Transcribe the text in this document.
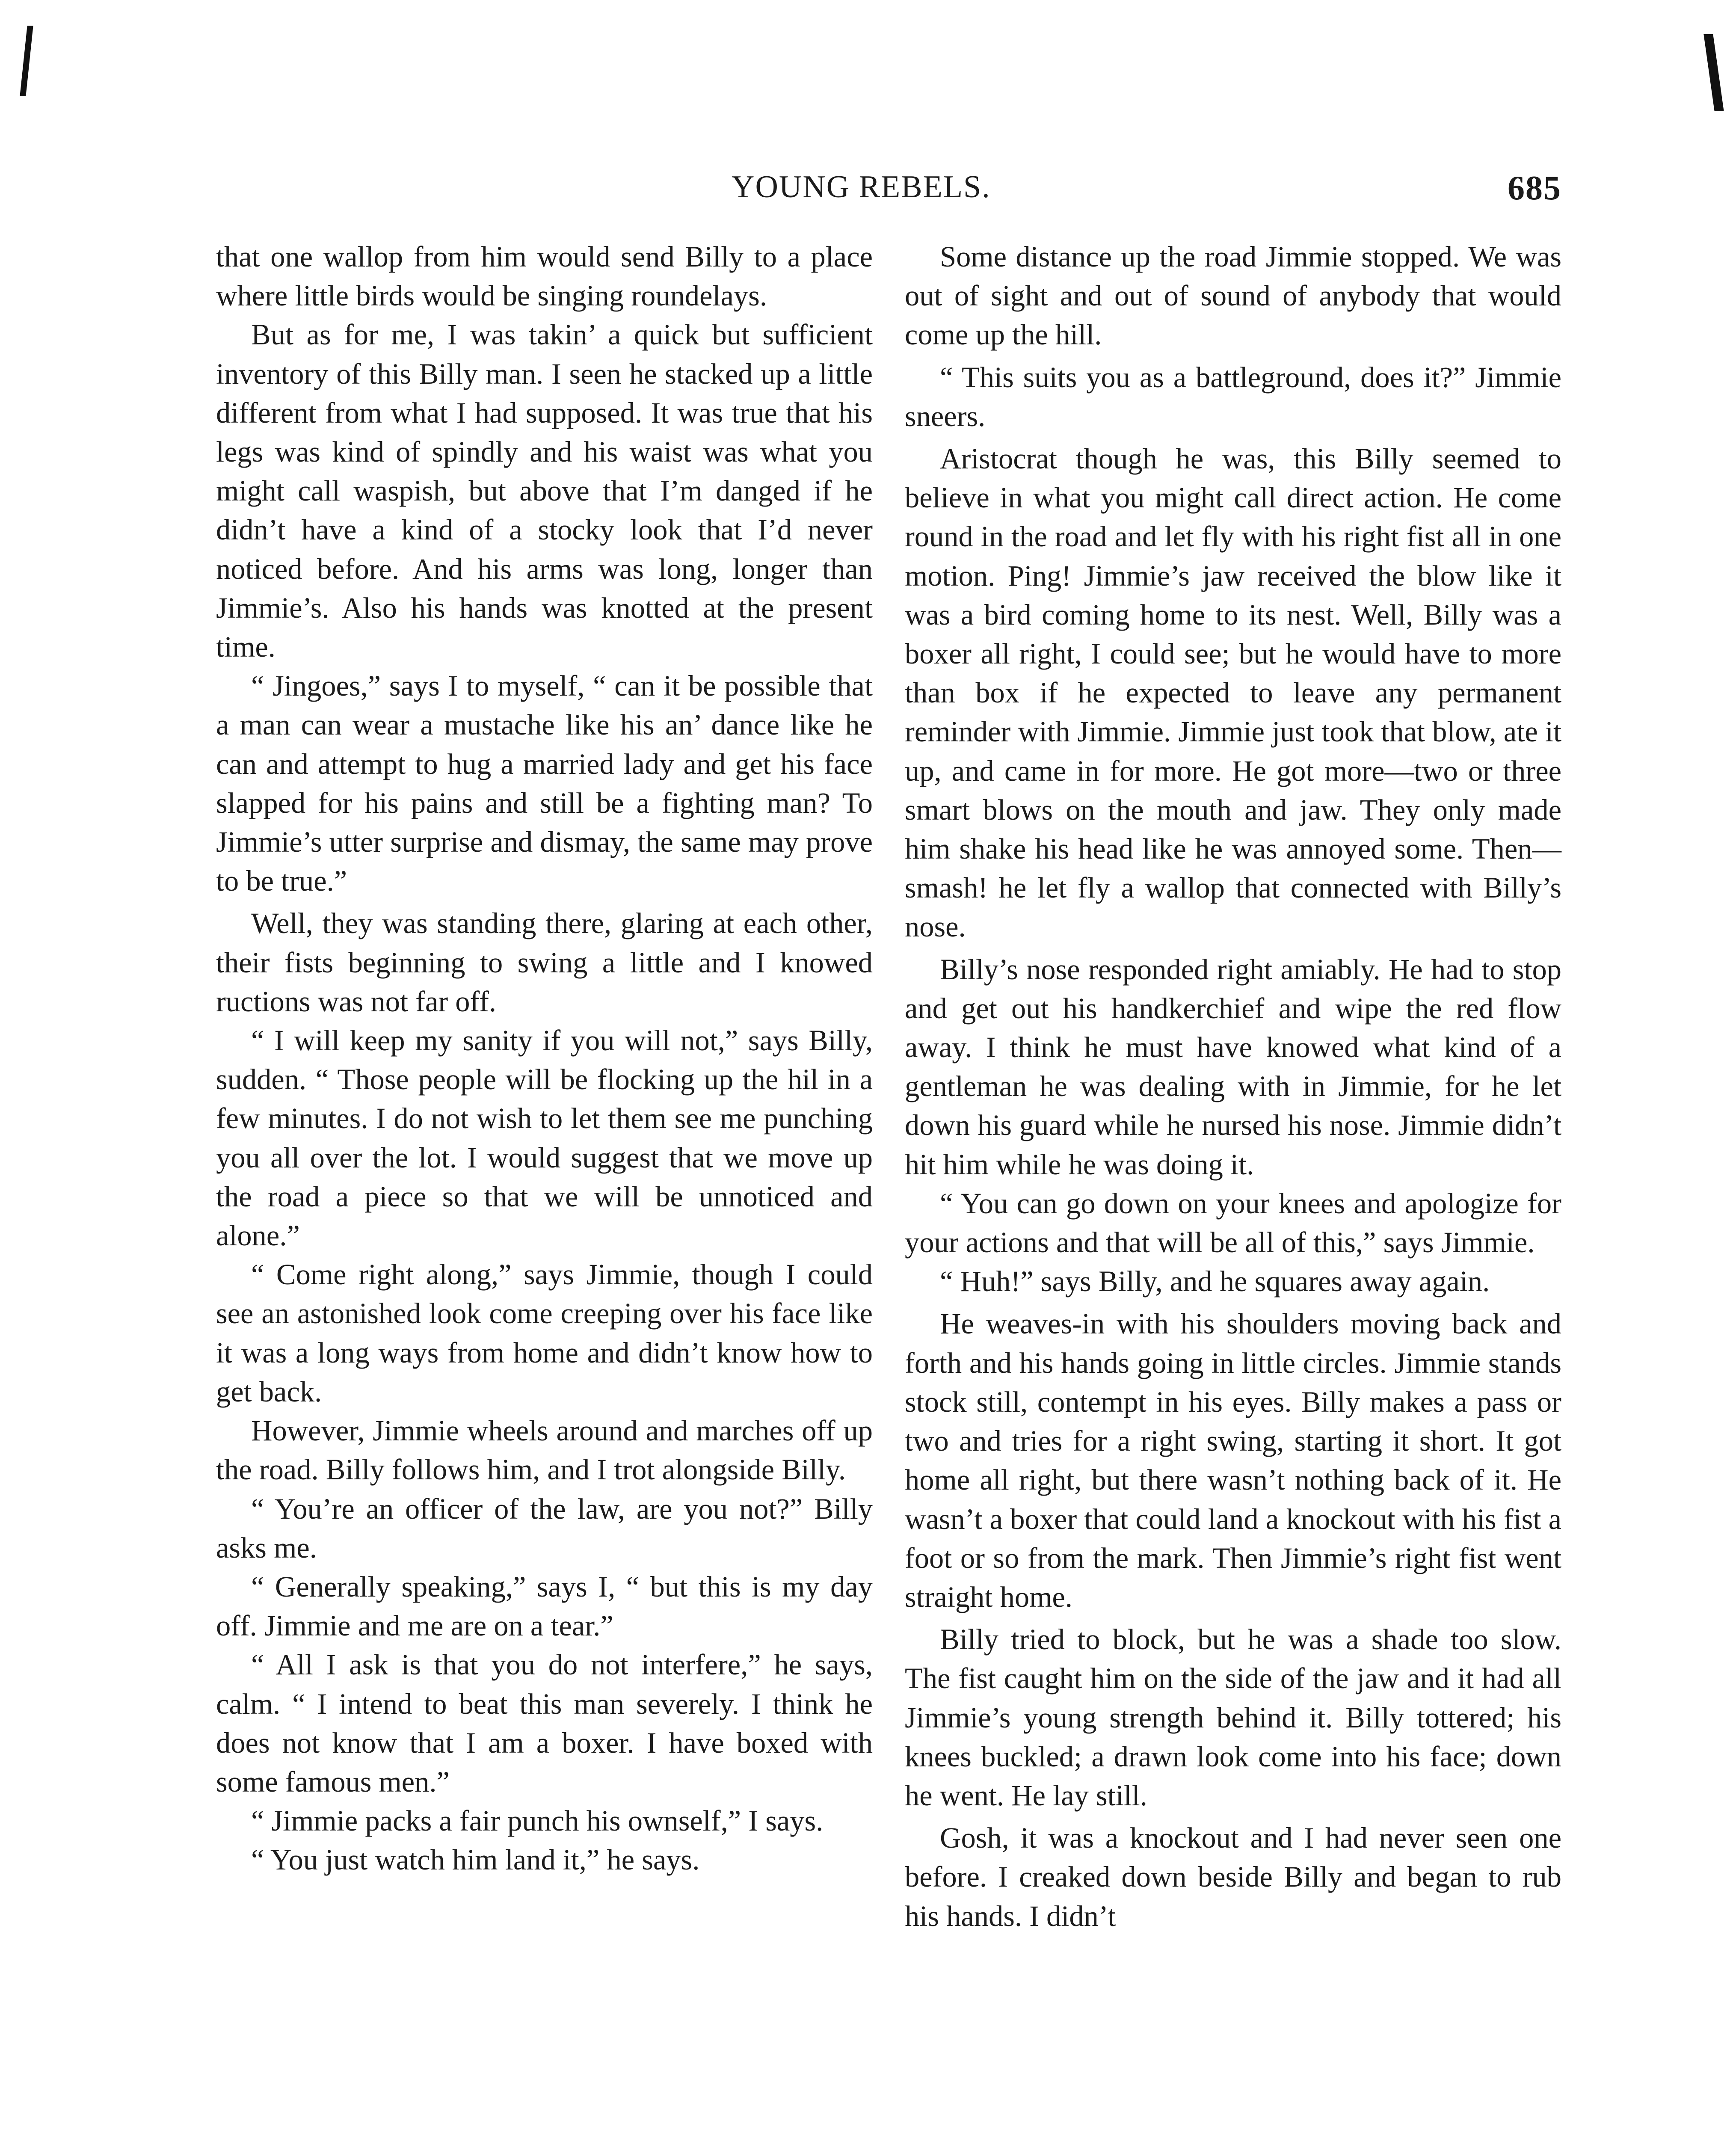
YOUNG REBELS.	685

that one wallop from him would send Billy to a place where little birds would be singing roundelays.

But as for me, I was takin’ a quick but sufficient inventory of this Billy man. I seen he stacked up a little different from what I had supposed. It was true that his legs was kind of spindly and his waist was what you might call waspish, but above that I’m danged if he didn’t have a kind of a stocky look that I’d never noticed before. And his arms was long, longer than Jimmie’s. Also his hands was knotted at the present time.

“ Jingoes,” says I to myself, “ can it be possible that a man can wear a mustache like his an’ dance like he can and attempt to hug a married lady and get his face slapped for his pains and still be a fighting man? To Jimmie’s utter surprise and dismay, the same may prove to be true.”

Well, they was standing there, glaring at each other, their fists beginning to swing a little and I knowed ructions was not far off.

“ I will keep my sanity if you will not,” says Billy, sudden. “ Those people will be flocking up the hil in a few minutes. I do not wish to let them see me punching you all over the lot. I would suggest that we move up the road a piece so that we will be unnoticed and alone.”

“ Come right along,” says Jimmie, though I could see an astonished look come creeping over his face like it was a long ways from home and didn’t know how to get back.

However, Jimmie wheels around and marches off up the road. Billy follows him, and I trot alongside Billy.

“ You’re an officer of the law, are you not?” Billy asks me.

“ Generally speaking,” says I, “ but this is my day off. Jimmie and me are on a tear.”

“ All I ask is that you do not interfere,” he says, calm. “ I intend to beat this man severely. I think he does not know that I am a boxer. I have boxed with some famous men.”

“ Jimmie packs a fair punch his ownself,” I says.

“ You just watch him land it,” he says.

Some distance up the road Jimmie stopped. We was out of sight and out of sound of anybody that would come up the hill.

“ This suits you as a battleground, does it?” Jimmie sneers.

Aristocrat though he was, this Billy seemed to believe in what you might call direct action. He come round in the road and let fly with his right fist all in one motion. Ping! Jimmie’s jaw received the blow like it was a bird coming home to its nest. Well, Billy was a boxer all right, I could see; but he would have to more than box if he expected to leave any permanent reminder with Jimmie. Jimmie just took that blow, ate it up, and came in for more. He got more—two or three smart blows on the mouth and jaw. They only made him shake his head like he was annoyed some. Then—smash! he let fly a wallop that connected with Billy’s nose.

Billy’s nose responded right amiably. He had to stop and get out his handkerchief and wipe the red flow away. I think he must have knowed what kind of a gentleman he was dealing with in Jimmie, for he let down his guard while he nursed his nose. Jimmie didn’t hit him while he was doing it.

“ You can go down on your knees and apologize for your actions and that will be all of this,” says Jimmie.

“ Huh!” says Billy, and he squares away again.

He weaves-in with his shoulders moving back and forth and his hands going in little circles. Jimmie stands stock still, contempt in his eyes. Billy makes a pass or two and tries for a right swing, starting it short. It got home all right, but there wasn’t nothing back of it. He wasn’t a boxer that could land a knockout with his fist a foot or so from the mark. Then Jimmie’s right fist went straight home.

Billy tried to block, but he was a shade too slow. The fist caught him on the side of the jaw and it had all Jimmie’s young strength behind it. Billy tottered; his knees buckled; a drawn look come into his face; down he went. He lay still.

Gosh, it was a knockout and I had never seen one before. I creaked down beside Billy and began to rub his hands. I didn’t
